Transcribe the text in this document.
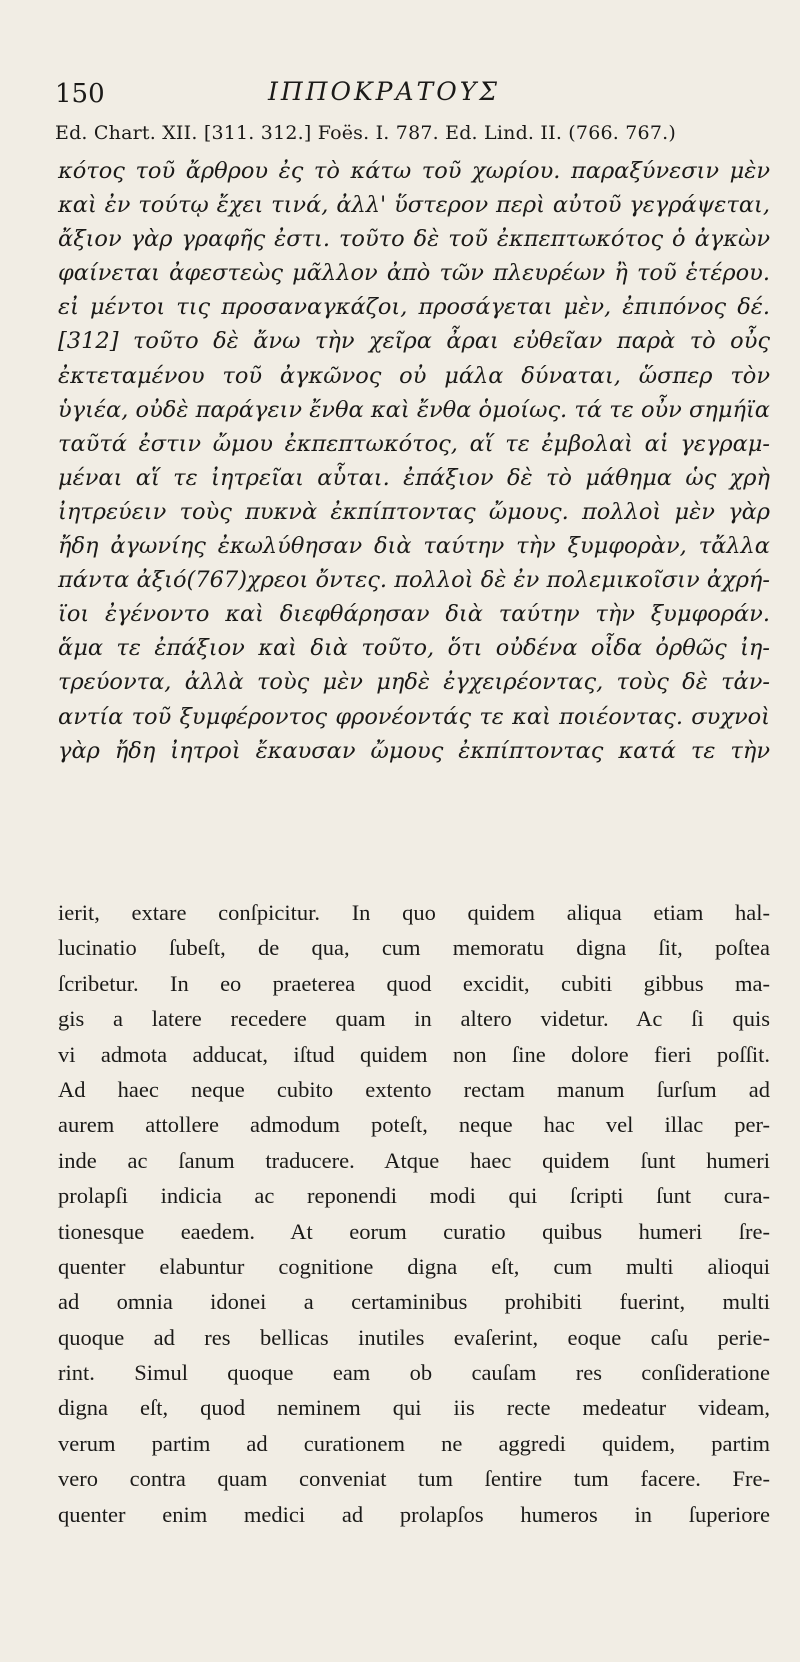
150	ΙΠΠΟΚΡΑΤΟΥΣ
Ed. Chart. XII. [311. 312.] Foës. I. 787. Ed. Lind. II. (766. 767.)
κότος τοῦ ἄρθρου ἐς τὸ κάτω τοῦ χωρίου. παραξύνεσιν μὲν
καὶ ἐν τούτῳ ἔχει τινά, ἀλλ' ὕστερον περὶ αὐτοῦ γεγράψεται,
ἄξιον γὰρ γραφῆς ἐστι. τοῦτο δὲ τοῦ ἐκπεπτωκότος ὁ ἀγκὼν
φαίνεται ἀφεστεὼς μᾶλλον ἀπὸ τῶν πλευρέων ἢ τοῦ ἑτέρου.
εἰ μέντοι τις προσαναγκάζοι, προσάγεται μὲν, ἐπιπόνος δέ.
[312] τοῦτο δὲ ἄνω τὴν χεῖρα ἆραι εὐθεῖαν παρὰ τὸ οὖς
ἐκτεταμένου τοῦ ἀγκῶνος οὐ μάλα δύναται, ὥσπερ τὸν
ὑγιέα, οὐδὲ παράγειν ἔνθα καὶ ἔνθα ὁμοίως. τά τε οὖν σημήϊα
ταῦτά ἐστιν ὤμου ἐκπεπτωκότος, αἵ τε ἐμβολαὶ αἱ γεγραμ-
μέναι αἵ τε ἰητρεῖαι αὗται. ἐπάξιον δὲ τὸ μάθημα ὡς χρὴ
ἰητρεύειν τοὺς πυκνὰ ἐκπίπτοντας ὤμους. πολλοὶ μὲν γὰρ
ἤδη ἀγωνίης ἐκωλύθησαν διὰ ταύτην τὴν ξυμφορὰν, τἄλλα
πάντα ἀξιό(767)χρεοι ὄντες. πολλοὶ δὲ ἐν πολεμικοῖσιν ἀχρή-
ϊοι ἐγένοντο καὶ διεφθάρησαν διὰ ταύτην τὴν ξυμφοράν.
ἅμα τε ἐπάξιον καὶ διὰ τοῦτο, ὅτι οὐδένα οἶδα ὀρθῶς ἰη-
τρεύοντα, ἀλλὰ τοὺς μὲν μηδὲ ἐγχειρέοντας, τοὺς δὲ τἀν-
αντία τοῦ ξυμφέροντος φρονέοντάς τε καὶ ποιέοντας. συχνοὶ
γὰρ ἤδη ἰητροὶ ἔκαυσαν ὤμους ἐκπίπτοντας κατά τε τὴν
ierit, extare conſpicitur. In quo quidem aliqua etiam hal-
lucinatio ſubeſt, de qua, cum memoratu digna ſit, poſtea
ſcribetur. In eo praeterea quod excidit, cubiti gibbus ma-
gis a latere recedere quam in altero videtur. Ac ſi quis
vi admota adducat, iſtud quidem non ſine dolore fieri poſſit.
Ad haec neque cubito extento rectam manum ſurſum ad
aurem attollere admodum poteſt, neque hac vel illac per-
inde ac ſanum traducere. Atque haec quidem ſunt humeri
prolapſi indicia ac reponendi modi qui ſcripti ſunt cura-
tionesque eaedem. At eorum curatio quibus humeri ſre-
quenter elabuntur cognitione digna eſt, cum multi alioqui
ad omnia idonei a certaminibus prohibiti fuerint, multi
quoque ad res bellicas inutiles evaſerint, eoque caſu perie-
rint. Simul quoque eam ob cauſam res conſideratione
digna eſt, quod neminem qui iis recte medeatur videam,
verum partim ad curationem ne aggredi quidem, partim
vero contra quam conveniat tum ſentire tum facere. Fre-
quenter enim medici ad prolapſos humeros in ſuperiore
